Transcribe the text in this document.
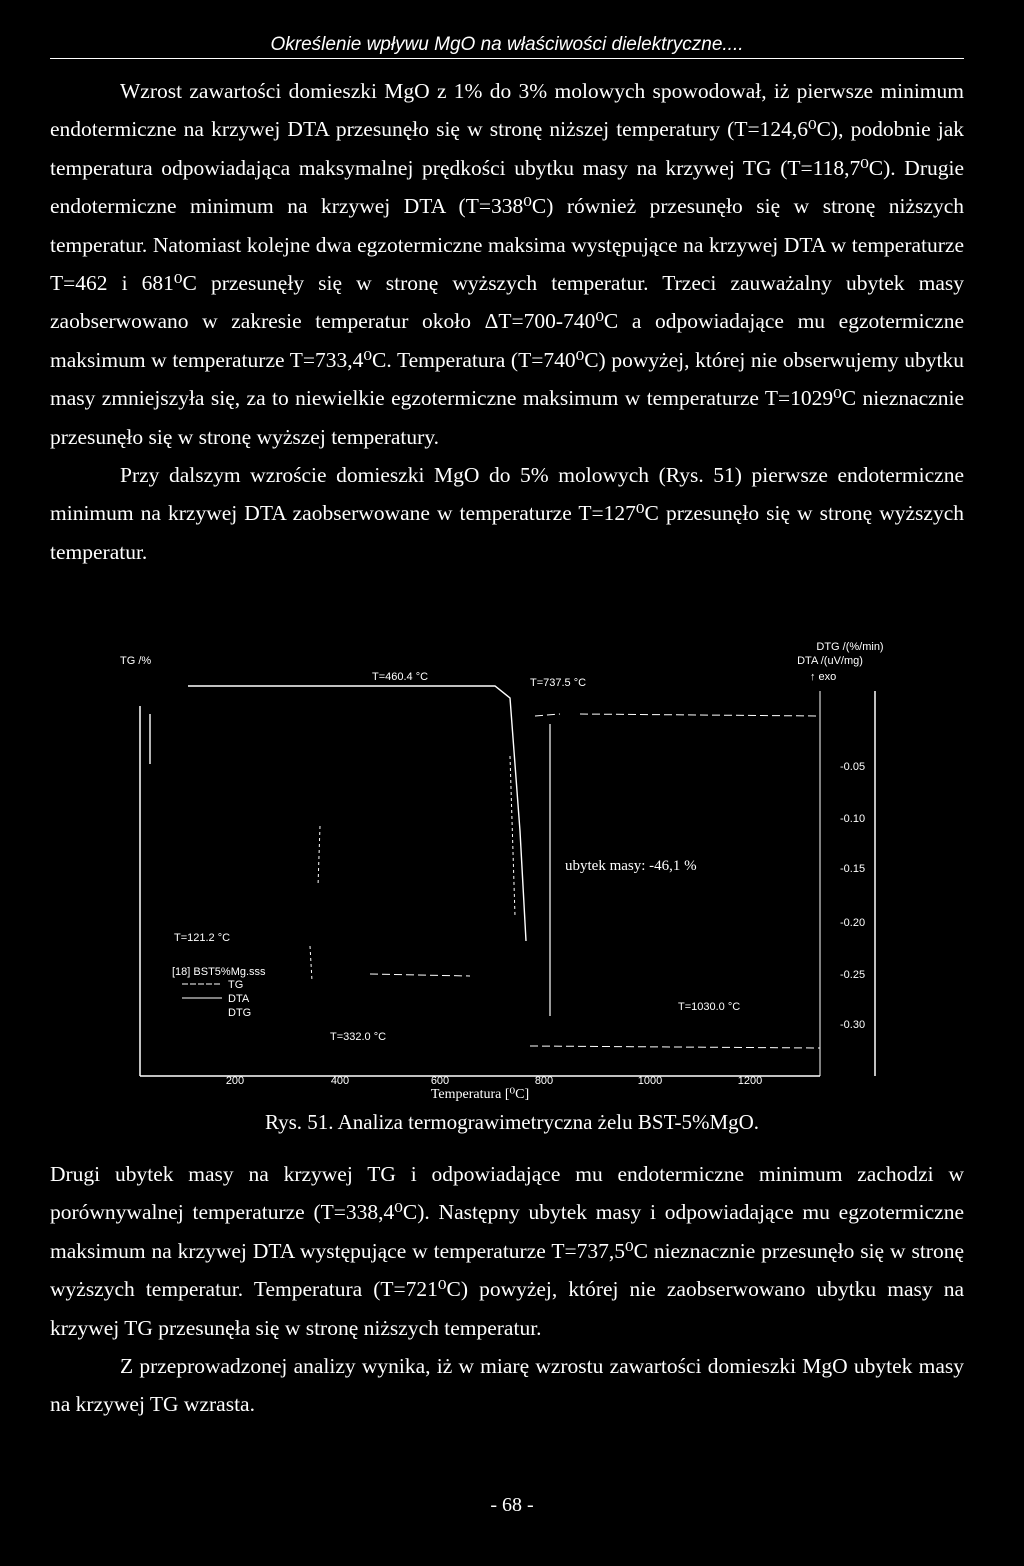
Określenie wpływu MgO na właściwości dielektryczne....

Wzrost zawartości domieszki MgO z 1% do 3% molowych spowodował, iż pierwsze minimum endotermiczne na krzywej DTA przesunęło się w stronę niższej temperatury (T=124,6⁰C), podobnie jak temperatura odpowiadająca maksymalnej prędkości ubytku masy na krzywej TG (T=118,7⁰C). Drugie endotermiczne minimum na krzywej DTA (T=338⁰C) również przesunęło się w stronę niższych temperatur. Natomiast kolejne dwa egzotermiczne maksima występujące na krzywej DTA w temperaturze T=462 i 681⁰C przesunęły się w stronę wyższych temperatur. Trzeci zauważalny ubytek masy zaobserwowano w zakresie temperatur około ΔT=700-740⁰C a odpowiadające mu egzotermiczne maksimum w temperaturze T=733,4⁰C. Temperatura (T=740⁰C) powyżej, której nie obserwujemy ubytku masy zmniejszyła się, za to niewielkie egzotermiczne maksimum w temperaturze T=1029⁰C nieznacznie przesunęło się w stronę wyższej temperatury.

Przy dalszym wzroście domieszki MgO do 5% molowych (Rys. 51) pierwsze endotermiczne minimum na krzywej DTA zaobserwowane w temperaturze T=127⁰C przesunęło się w stronę wyższych temperatur.

TG /%
DTG /(%/min)
DTA /(uV/mg)
↑ exo
T=460.4 °C	T=737.5 °C
T=121.2 °C
T=332.0 °C
T=1030.0 °C
ubytek masy: -46,1 %
[18] BST5%Mg.sss
TG
DTA
DTG
-0.05
-0.10
-0.15
-0.20
-0.25
-0.30
200	400	600	800	1000	1200
Temperatura [⁰C]
Rys. 51. Analiza termograwimetryczna żelu BST-5%MgO.

Drugi ubytek masy na krzywej TG i odpowiadające mu endotermiczne minimum zachodzi w porównywalnej temperaturze (T=338,4⁰C). Następny ubytek masy i odpowiadające mu egzotermiczne maksimum na krzywej DTA występujące w temperaturze T=737,5⁰C nieznacznie przesunęło się w stronę wyższych temperatur. Temperatura (T=721⁰C) powyżej, której nie zaobserwowano ubytku masy na krzywej TG przesunęła się w stronę niższych temperatur.

Z przeprowadzonej analizy wynika, iż w miarę wzrostu zawartości domieszki MgO ubytek masy na krzywej TG wzrasta.

- 68 -
